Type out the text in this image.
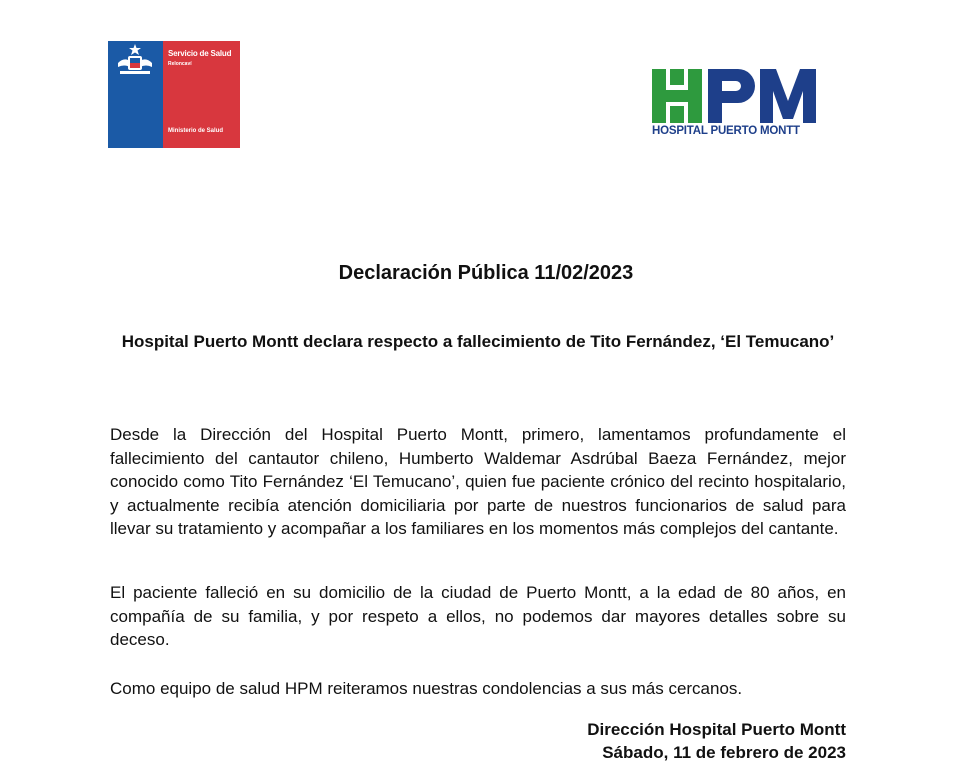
Servicio de Salud
Reloncaví
Ministerio de Salud	HOSPITAL PUERTO MONTT
Declaración Pública 11/02/2023
Hospital Puerto Montt declara respecto a fallecimiento de Tito Fernández, ‘El Temucano’

Desde la Dirección del Hospital Puerto Montt, primero, lamentamos profundamente el fallecimiento del cantautor chileno, Humberto Waldemar Asdrúbal Baeza Fernández, mejor conocido como Tito Fernández ‘El Temucano’, quien fue paciente crónico del recinto hospitalario, y actualmente recibía atención domiciliaria por parte de nuestros funcionarios de salud para llevar su tratamiento y acompañar a los familiares en los momentos más complejos del cantante.

El paciente falleció en su domicilio de la ciudad de Puerto Montt, a la edad de 80 años, en compañía de su familia, y por respeto a ellos, no podemos dar mayores detalles sobre su deceso.

Como equipo de salud HPM reiteramos nuestras condolencias a sus más cercanos.

Dirección Hospital Puerto Montt
Sábado, 11 de febrero de 2023
